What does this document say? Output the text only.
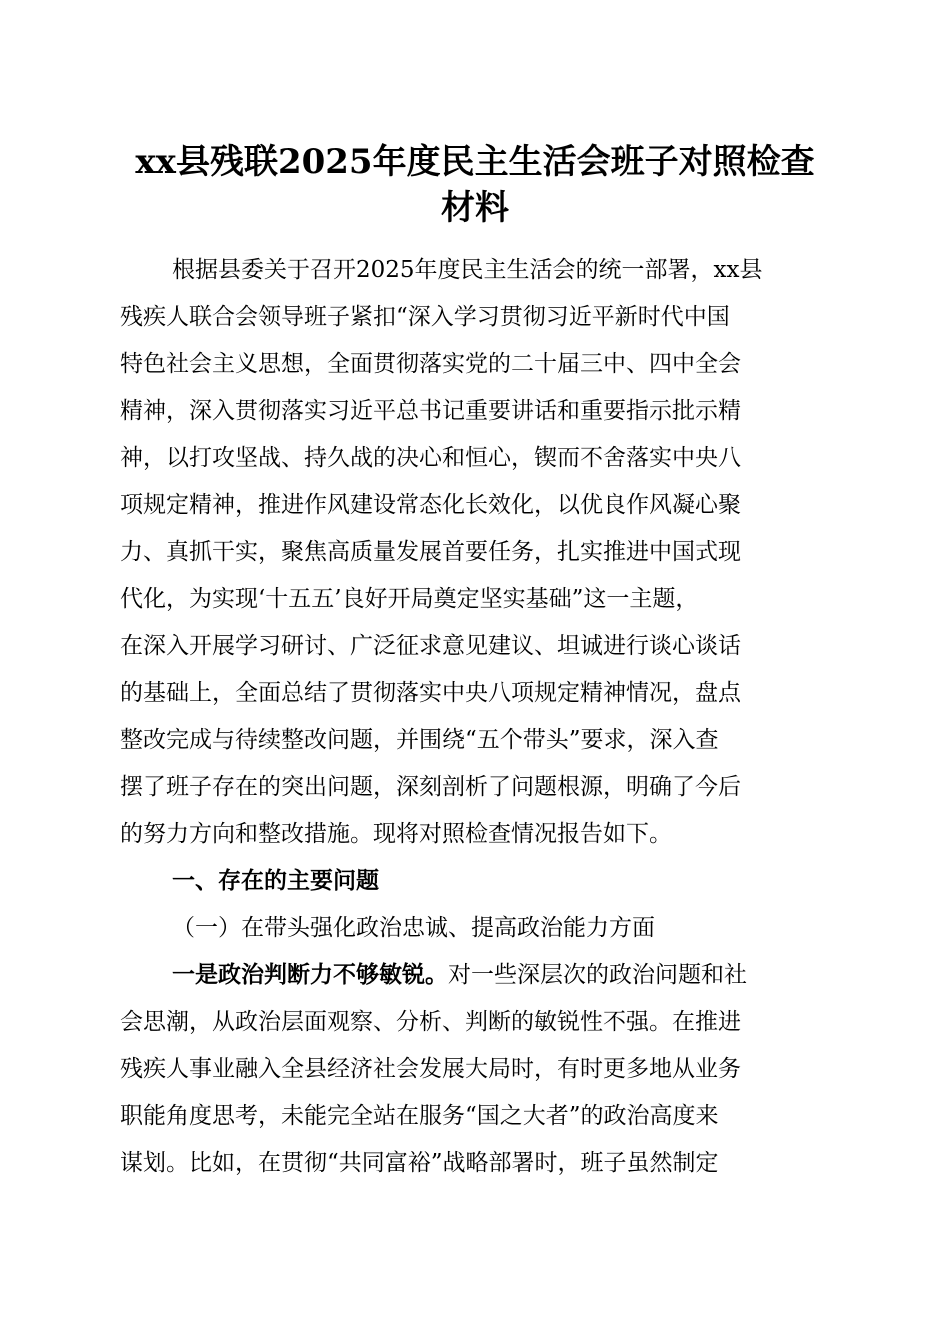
xx县残联2025年度民主生活会班子对照检查
材料
根据县委关于召开2025年度民主生活会的统一部署，xx县
残疾人联合会领导班子紧扣“深入学习贯彻习近平新时代中国
特色社会主义思想，全面贯彻落实党的二十届三中、四中全会
精神，深入贯彻落实习近平总书记重要讲话和重要指示批示精
神，以打攻坚战、持久战的决心和恒心，锲而不舍落实中央八
项规定精神，推进作风建设常态化长效化，以优良作风凝心聚
力、真抓干实，聚焦高质量发展首要任务，扎实推进中国式现
代化，为实现‘十五五’良好开局奠定坚实基础”这一主题，
在深入开展学习研讨、广泛征求意见建议、坦诚进行谈心谈话
的基础上，全面总结了贯彻落实中央八项规定精神情况，盘点
整改完成与待续整改问题，并围绕“五个带头”要求，深入查
摆了班子存在的突出问题，深刻剖析了问题根源，明确了今后
的努力方向和整改措施。现将对照检查情况报告如下。
一、存在的主要问题
（一）在带头强化政治忠诚、提高政治能力方面
一是政治判断力不够敏锐。对一些深层次的政治问题和社
会思潮，从政治层面观察、分析、判断的敏锐性不强。在推进
残疾人事业融入全县经济社会发展大局时，有时更多地从业务
职能角度思考，未能完全站在服务“国之大者”的政治高度来
谋划。比如，在贯彻“共同富裕”战略部署时，班子虽然制定
